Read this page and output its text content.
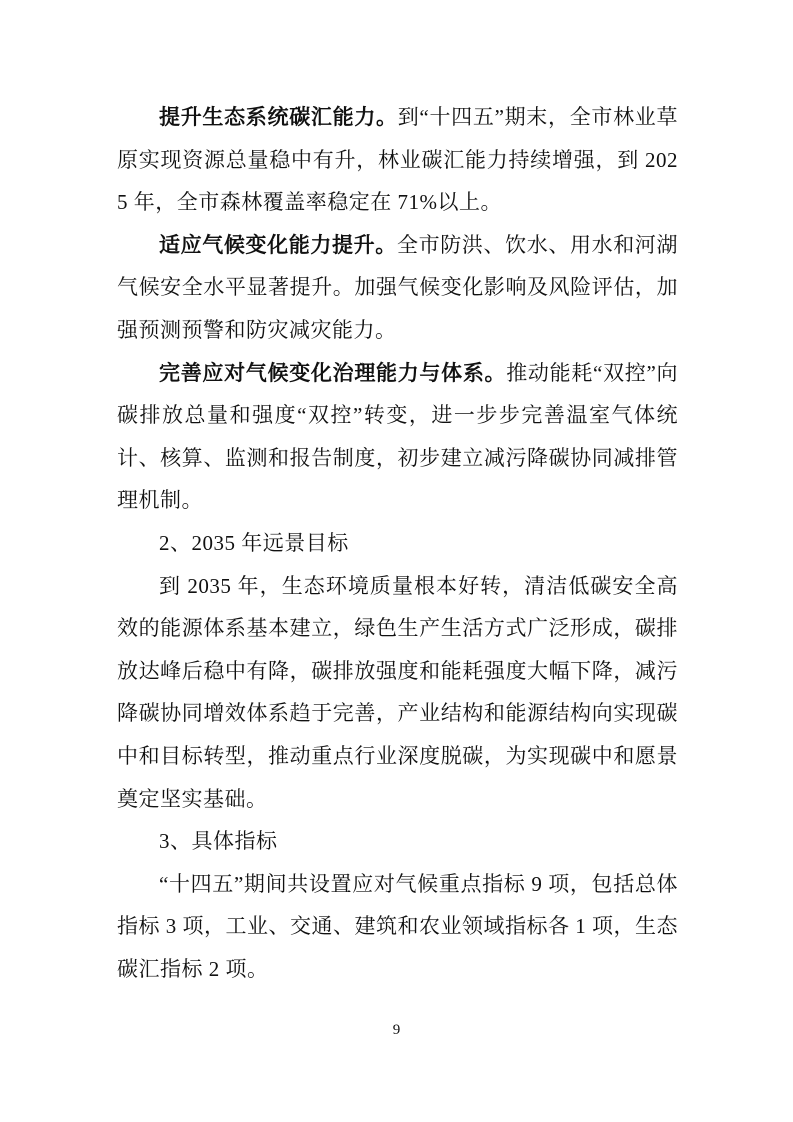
提升生态系统碳汇能力。到“十四五”期末，全市林业草原实现资源总量稳中有升，林业碳汇能力持续增强，到 2025 年，全市森林覆盖率稳定在 71%以上。

适应气候变化能力提升。全市防洪、饮水、用水和河湖气候安全水平显著提升。加强气候变化影响及风险评估，加强预测预警和防灾减灾能力。

完善应对气候变化治理能力与体系。推动能耗“双控”向碳排放总量和强度“双控”转变，进一步步完善温室气体统计、核算、监测和报告制度，初步建立减污降碳协同减排管理机制。

2、2035 年远景目标

到 2035 年，生态环境质量根本好转，清洁低碳安全高效的能源体系基本建立，绿色生产生活方式广泛形成，碳排放达峰后稳中有降，碳排放强度和能耗强度大幅下降，减污降碳协同增效体系趋于完善，产业结构和能源结构向实现碳中和目标转型，推动重点行业深度脱碳，为实现碳中和愿景奠定坚实基础。

3、具体指标

“十四五”期间共设置应对气候重点指标 9 项，包括总体指标 3 项，工业、交通、建筑和农业领域指标各 1 项，生态碳汇指标 2 项。

9
